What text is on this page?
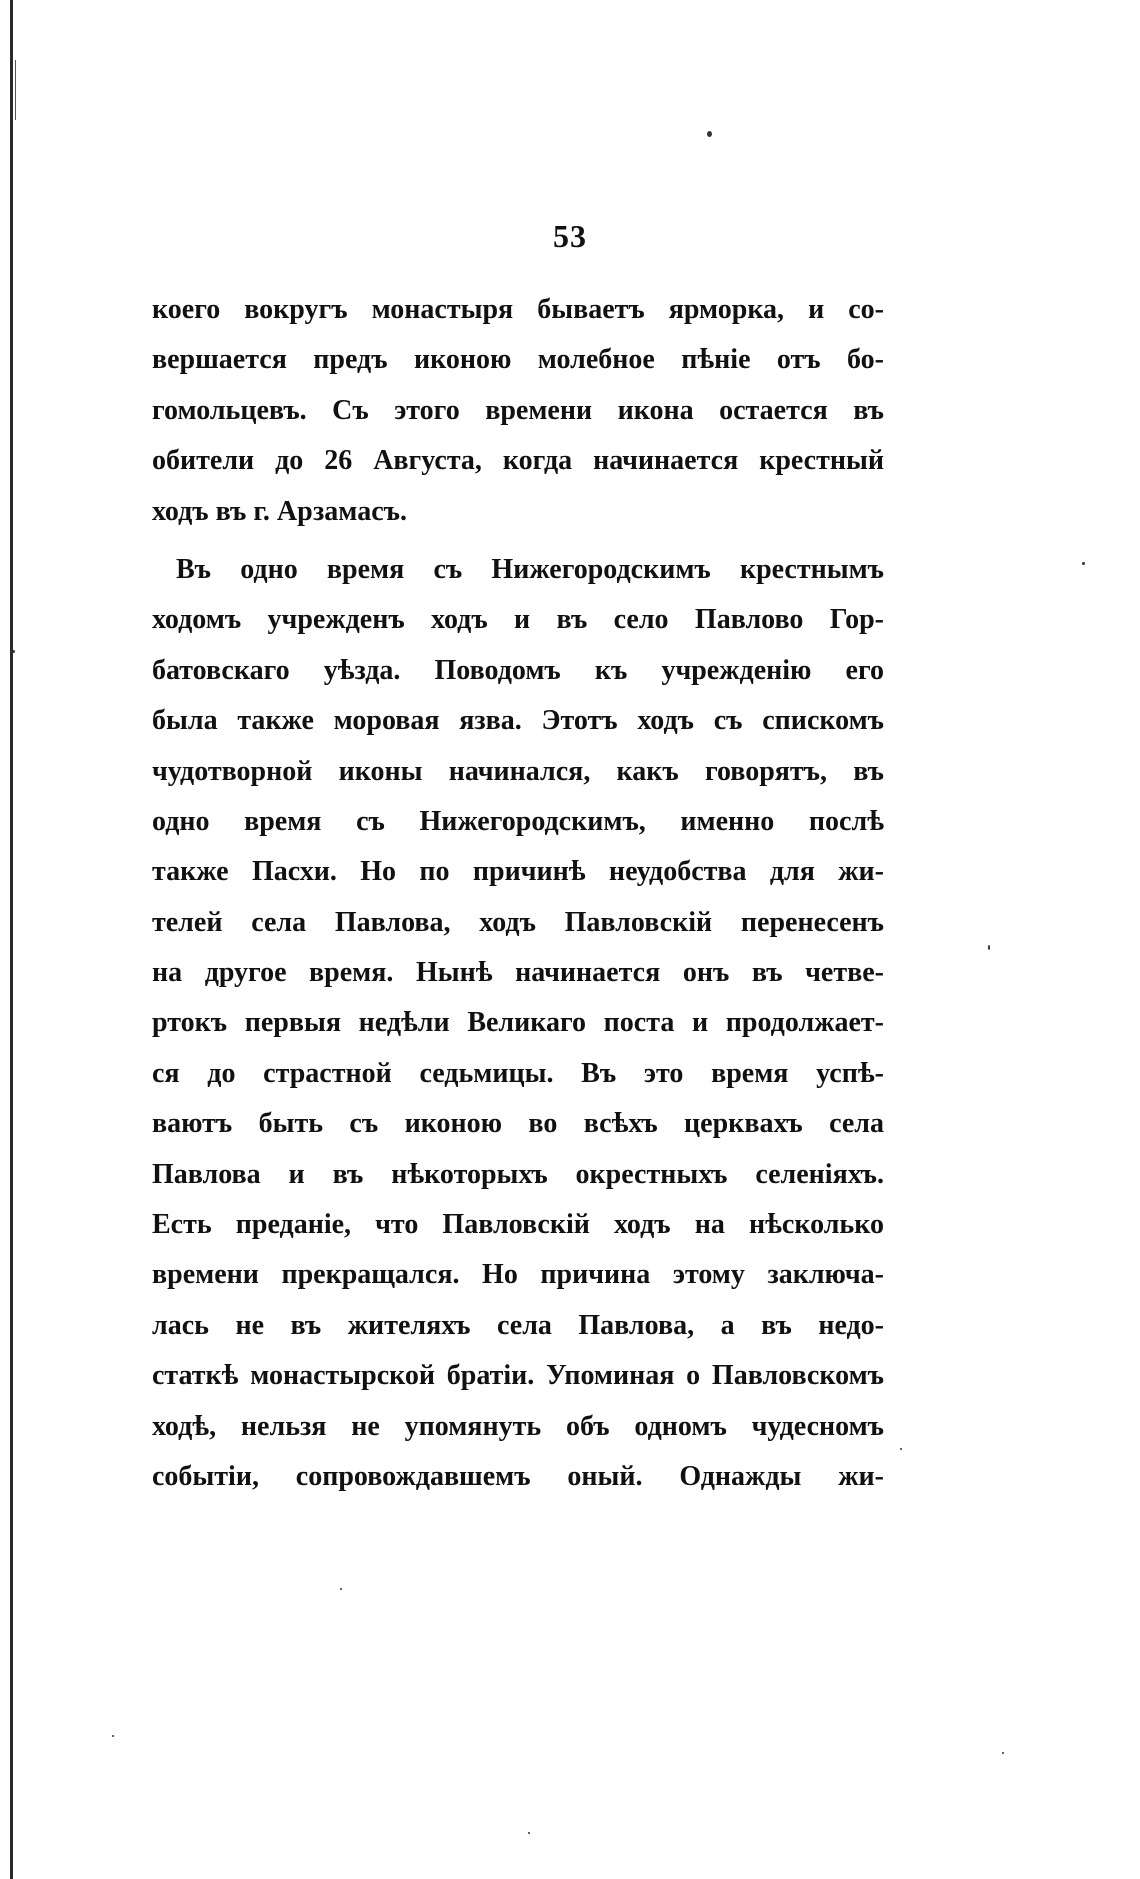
53
коего вокругъ монастыря бываетъ ярморка, и со-
вершается предъ иконою молебное пѣніе отъ бо-
гомольцевъ. Съ этого времени икона остается въ
обители до 26 Августа, когда начинается крестный
ходъ въ г. Арзамасъ.
Въ одно время съ Нижегородскимъ крестнымъ
ходомъ учрежденъ ходъ и въ село Павлово Гор-
батовскаго уѣзда. Поводомъ къ учрежденію его
была также моровая язва. Этотъ ходъ съ спискомъ
чудотворной иконы начинался, какъ говорятъ, въ
одно время съ Нижегородскимъ, именно послѣ
также Пасхи. Но по причинѣ неудобства для жи-
телей села Павлова, ходъ Павловскій перенесенъ
на другое время. Нынѣ начинается онъ въ четве-
ртокъ первыя недѣли Великаго поста и продолжает-
ся до страстной седьмицы. Въ это время успѣ-
ваютъ быть съ иконою во всѣхъ церквахъ села
Павлова и въ нѣкоторыхъ окрестныхъ селеніяхъ.
Есть преданіе, что Павловскій ходъ на нѣсколько
времени прекращался. Но причина этому заключа-
лась не въ жителяхъ села Павлова, а въ недо-
статкѣ монастырской братіи. Упоминая о Павловскомъ
ходѣ, нельзя не упомянуть объ одномъ чудесномъ
событіи, сопровождавшемъ оный. Однажды жи-
